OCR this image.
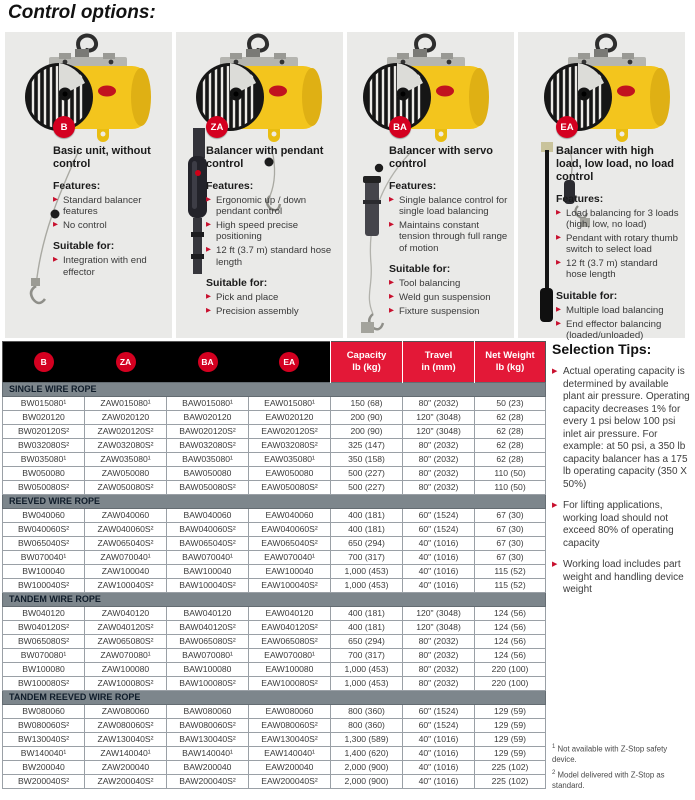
Control options:
B
Basic unit, without control
Features:
▶ Standard balancer features
▶ No control
Suitable for:
▶ Integration with end effector
ZA
Balancer with pendant control
Features:
▶ Ergonomic up / down pendant control
▶ High speed precise positioning
▶ 12 ft (3.7 m) standard hose length
Suitable for:
▶ Pick and place
▶ Precision assembly
BA
Balancer with servo control
Features:
▶ Single balance control for single load balancing
▶ Maintains constant tension through full range of motion
Suitable for:
▶ Tool balancing
▶ Weld gun suspension
▶ Fixture suspension
EA
Balancer with high load, low load, no load control
Features:
▶ Load balancing for 3 loads (high, low, no load)
▶ Pendant with rotary thumb switch to select load
▶ 12 ft (3.7 m) standard hose length
Suitable for:
▶ Multiple load balancing
▶ End effector balancing (loaded/unloaded)
B	ZA	BA	EA

Capacity
lb (kg)

Travel
in (mm)

Net Weight
lb (kg)

SINGLE WIRE ROPE						
BW015080¹	ZAW015080¹	BAW015080¹	EAW015080¹	150 (68)	80" (2032)	50 (23)
BW020120	ZAW020120	BAW020120	EAW020120	200 (90)	120" (3048)	62 (28)
BW020120S²	ZAW020120S²	BAW020120S²	EAW020120S²	200 (90)	120" (3048)	62 (28)
BW032080S²	ZAW032080S²	BAW032080S²	EAW032080S²	325 (147)	80" (2032)	62 (28)
BW035080¹	ZAW035080¹	BAW035080¹	EAW035080¹	350 (158)	80" (2032)	62 (28)
BW050080	ZAW050080	BAW050080	EAW050080	500 (227)	80" (2032)	110 (50)
BW050080S²	ZAW050080S²	BAW050080S²	EAW050080S²	500 (227)	80" (2032)	110 (50)
REEVED WIRE ROPE						
BW040060	ZAW040060	BAW040060	EAW040060	400 (181)	60" (1524)	67 (30)
BW040060S²	ZAW040060S²	BAW040060S²	EAW040060S²	400 (181)	60" (1524)	67 (30)
BW065040S²	ZAW065040S²	BAW065040S²	EAW065040S²	650 (294)	40" (1016)	67 (30)
BW070040¹	ZAW070040¹	BAW070040¹	EAW070040¹	700 (317)	40" (1016)	67 (30)
BW100040	ZAW100040	BAW100040	EAW100040	1,000 (453)	40" (1016)	115 (52)
BW100040S²	ZAW100040S²	BAW100040S²	EAW100040S²	1,000 (453)	40" (1016)	115 (52)
TANDEM WIRE ROPE						
BW040120	ZAW040120	BAW040120	EAW040120	400 (181)	120" (3048)	124 (56)
BW040120S²	ZAW040120S²	BAW040120S²	EAW040120S²	400 (181)	120" (3048)	124 (56)
BW065080S²	ZAW065080S²	BAW065080S²	EAW065080S²	650 (294)	80" (2032)	124 (56)
BW070080¹	ZAW070080¹	BAW070080¹	EAW070080¹	700 (317)	80" (2032)	124 (56)
BW100080	ZAW100080	BAW100080	EAW100080	1,000 (453)	80" (2032)	220 (100)
BW100080S²	ZAW100080S²	BAW100080S²	EAW100080S²	1,000 (453)	80" (2032)	220 (100)
TANDEM REEVED WIRE ROPE						
BW080060	ZAW080060	BAW080060	EAW080060	800 (360)	60" (1524)	129 (59)
BW080060S²	ZAW080060S²	BAW080060S²	EAW080060S²	800 (360)	60" (1524)	129 (59)
BW130040S²	ZAW130040S²	BAW130040S²	EAW130040S²	1,300 (589)	40" (1016)	129 (59)
BW140040¹	ZAW140040¹	BAW140040¹	EAW140040¹	1,400 (620)	40" (1016)	129 (59)
BW200040	ZAW200040	BAW200040	EAW200040	2,000 (900)	40" (1016)	225 (102)
BW200040S²	ZAW200040S²	BAW200040S²	EAW200040S²	2,000 (900)	40" (1016)	225 (102)
Selection Tips:
▶ Actual operating capacity is determined by available plant air pressure. Operating capacity decreases 1% for every 1 psi below 100 psi inlet air pressure. For example: at 50 psi, a 350 lb capacity balancer has a 175 lb operating capacity (350 X 50%)
▶ For lifting applications, working load should not exceed 80% of operating capacity
▶ Working load includes part weight and handling device weight

$^1$ Not available with Z-Stop safety device.

$^2$ Model delivered with Z-Stop as standard.
